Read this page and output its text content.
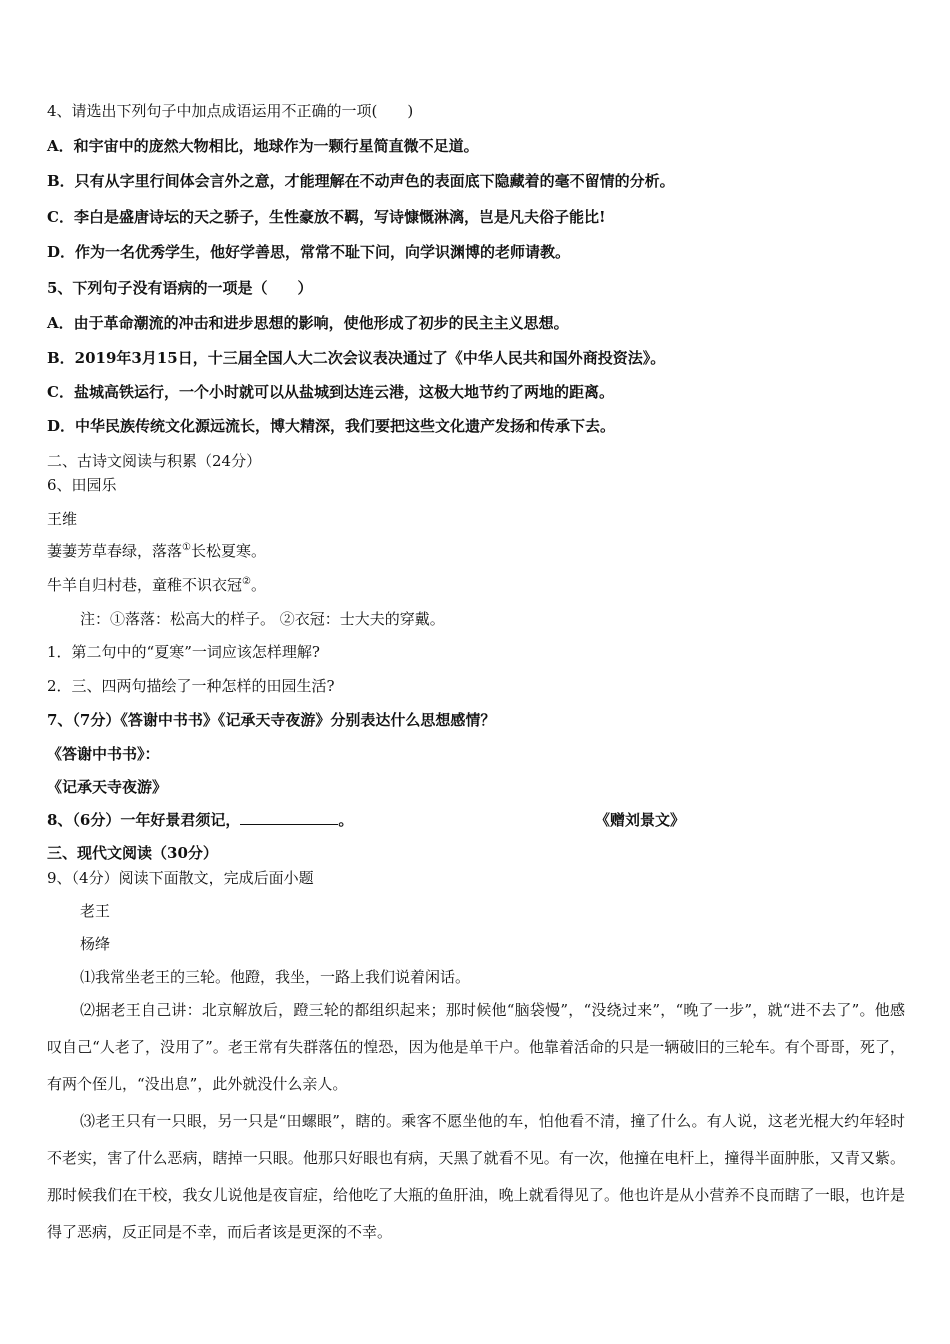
4、请选出下列句子中加点成语运用不正确的一项(　　)
A．和宇宙中的庞然大物相比，地球作为一颗行星简直微不足道。
B．只有从字里行间体会言外之意，才能理解在不动声色的表面底下隐藏着的毫不留情的分析。
C．李白是盛唐诗坛的天之骄子，生性豪放不羁，写诗慷慨淋漓，岂是凡夫俗子能比!
D．作为一名优秀学生，他好学善思，常常不耻下问，向学识渊博的老师请教。
5、下列句子没有语病的一项是（　　）
A．由于革命潮流的冲击和进步思想的影响，使他形成了初步的民主主义思想。
B．2019年3月15日，十三届全国人大二次会议表决通过了《中华人民共和国外商投资法》。
C．盐城高铁运行，一个小时就可以从盐城到达连云港，这极大地节约了两地的距离。
D．中华民族传统文化源远流长，博大精深，我们要把这些文化遗产发扬和传承下去。
二、古诗文阅读与积累（24分）
6、田园乐
王维
萋萋芳草春绿，落落①长松夏寒。
牛羊自归村巷，童稚不识衣冠②。
注：①落落：松高大的样子。 ②衣冠：士大夫的穿戴。
1．第二句中的“夏寒”一词应该怎样理解?
2．三、四两句描绘了一种怎样的田园生活?
7、（7分）《答谢中书书》《记承天寺夜游》分别表达什么思想感情？
《答谢中书书》：
《记承天寺夜游》
8、（6分）一年好景君须记，	。	《赠刘景文》
三、现代文阅读（30分）
9、（4分）阅读下面散文，完成后面小题
老王
杨绛
⑴我常坐老王的三轮。他蹬，我坐，一路上我们说着闲话。
⑵据老王自己讲：北京解放后，蹬三轮的都组织起来；那时候他“脑袋慢”，“没绕过来”，“晚了一步”，就“进不去了”。他感叹自己“人老了，没用了”。老王常有失群落伍的惶恐，因为他是单干户。他靠着活命的只是一辆破旧的三轮车。有个哥哥，死了，有两个侄儿，“没出息”，此外就没什么亲人。
⑶老王只有一只眼，另一只是“田螺眼”，瞎的。乘客不愿坐他的车，怕他看不清，撞了什么。有人说，这老光棍大约年轻时不老实，害了什么恶病，瞎掉一只眼。他那只好眼也有病，天黑了就看不见。有一次，他撞在电杆上，撞得半面肿胀，又青又紫。那时候我们在干校，我女儿说他是夜盲症，给他吃了大瓶的鱼肝油，晚上就看得见了。他也许是从小营养不良而瞎了一眼，也许是得了恶病，反正同是不幸，而后者该是更深的不幸。
